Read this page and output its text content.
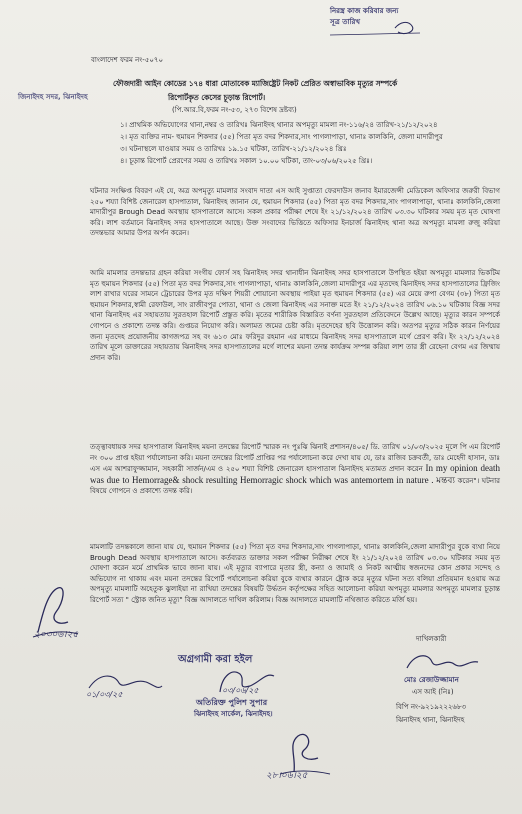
নিরস্ত্র কাজ করিবার জন্য
সূত্র তারিখ
বাংলাদেশ ফরম নং-৫০৭০
জিনাইদহ সদর, ঝিনাইদহ
ফৌজদারী আইন কোডের ১৭৪ ধারা মোতাবেক ম্যাজিষ্ট্রেট নিকট প্রেরিত অস্বাভাবিক মৃত্যুর সম্পর্কে
রিপোর্টকৃত কেসের চূড়ান্ত রিপোর্ট।
(পি.আর.বি,ফরম নং-৫৩, ২৭৩ বিশেষ দ্রষ্টব্য)
১। প্রাথমিক অভিযোগের থানা,নম্বর ও তারিখঃ ঝিনাইদহ থানার অপমৃত্যু মামলা নং-১১৬/২৪ তারিখ-২১/১২/২০২৪
২। মৃত ব্যক্তির নাম- হুমায়ন শিকদার (৫৫) পিতা মৃত বদর শিকদার,সাং পাগলাপাড়া, থানাঃ কালকিনি, জেলা মাদারীপুর
৩। ঘটনাস্থলে যাওয়ার সময় ও তারিখঃ ১৯.১৫ ঘটিকা, তারিখ-২১/১২/২০২৪ খ্রিঃ
৪। চূড়ান্ত রিপোর্ট প্রেরণের সময় ও তারিখঃ সকাল ১০.০০ ঘটিকা, তাং-০৩/০৬/২০২৫ খ্রিঃ।
ঘটনার সংক্ষিপ্ত বিবরণ এই যে, অত্র অপমৃত্যু মামলার সংবাদ দাতা এস আই সুপ্তাতা ফেরদাউস জনাব ইমারজেন্সী মেডিকেল অফিসার জরুরী বিভাগ ২৫০ শয্যা বিশিষ্ট জেনারেল হাসপাতাল, ঝিনাইদহ জানান যে, হুমায়ন শিকদার (৫৫) পিতা মৃত বদর শিকদার,সাং পাগলাপাড়া, থানাঃ কালকিনি,জেলা মাদারীপুর Brough Dead অবস্থায় হাসপাতালে আসে। সকল প্রকার পরীক্ষা শেষে ইং ২১/১২/২০২৪ তারিখ ০৩.৩০ ঘটিকার সময় মৃত মৃত ঘোষণা করি। লাশ বর্তমানে ঝিনাইদহ সদর হাসপাতালে আছে। উক্ত সংবাদের ভিত্তিতে অফিসার ইনচার্জ ঝিনাইদহ থানা অত্র অপমৃত্যু মামলা রুজু করিয়া তদন্তভার আমার উপর অর্পন করেন।
আমি মামলার তদন্তভার গ্রহন করিয়া সংগীয় ফোর্স সহ ঝিনাইদহ সদর থানাধীন ঝিনাইদহ সদর হাসপাতালে উপস্থিত হইয়া অপমৃত্যু মামলার ভিকটিম মৃত হুমায়ন শিকদার (৫৫) পিতা মৃত বদর শিকদার,সাং পাগলাপাড়া, থানাঃ কালকিনি,জেলা মাদারীপুর এর মৃতদেহ ঝিনাইদহ সদর হাসপাতালের ফ্রিজিং লাশ রাখার ঘরের সামনে ট্রেচারের উপর মৃত দক্ষিণ শিয়রী শোয়ানো অবস্থায় পাইয়া মৃত হুমায়ন শিকদার (৫৫) এর মেয়ে রুপা বেগম (৩৮) পিতা মৃত হুমায়ন শিকদার,স্বামী রেফাউল, সাং রাজীবপুর পোতা, থানা ও জেলা ঝিনাইদহ এর সনাক্ত মতে ইং ২১/১২/২০২৪ তারিখ ০৬.১০ ঘটিকায় বিজ্ঞ সদর থানা ঝিনাইদহ এর সহায়তায় সুরতহাল রিপোর্ট প্রস্তুত করি। মৃতের শারীরিক বিস্তারিত বর্ণনা সুরতহাল প্রতিবেদনে উল্লেখ আছে। মৃত্যুর কারন সম্পর্কে গোপনে ও প্রকাশ্যে তদন্ত করি। গুপ্তচর নিয়োগ করি। অলামত জমের চেষ্টা করি। মৃতদেহের ছবি উত্তোলন করি। অতপর মৃত্যুর সঠিক কারন নির্ণয়ের জন্য মৃতদেহ প্রয়োজনীয় কাগজপত্র সহ বং ৬১৩ মোঃ ফরিদুর রহমান এর মাধ্যমে ঝিনাইদহ সদর হাসপাতালে মর্গে প্রেরণ করি। ইং ২২/১২/২০২৪ তারিখ মূলে ডাক্তারের সহায়তায় ঝিনাইদহ সদর হাসপাতালের মর্গে লাশের ময়না তদন্ত কার্যক্রম সম্পন্ন করিয়া লাশ তার স্ত্রী রেহেনা বেগম এর জিম্মায় প্রদান করি।
তত্ত্বাবধায়ক সদর হাসপাতাল ঝিনাইদহ ময়না তদন্তের রিপোর্ট স্মারক নং পুঃঝি ঝিনাই প্রশাসন/৪০৫/ ডি. তারিখ ০১/০৩/২০২৫ মূলে পি এম রিপোর্ট নং ৩০০ প্রাপ্ত হইয়া পর্যালোচনা করি। ময়না তদন্তের রিপোর্ট প্রাপ্তির পর পর্যালোচনা করে দেখা যায় যে, ডাঃ রাজিব চক্রবর্তী, ডাঃ মেহেদী হাসান, ডাঃ এস এম আশরাফুজ্জামান, সহকারী সার্জন/এম ও ২৫০ শয্যা বিশিষ্ট জেনারেল হাসপাতাল ঝিনাইদহ মতামত প্রদান করেন In my opinion death was due to Hemorrage& shock resulting Hemorragic shock which was antemortem in nature . মন্তব্য করেন"। ঘটনার বিষয়ে গোপনে ও প্রকাশ্যে তদন্ত করি।
মামলাটি তদন্তকালে জানা যায় যে, হুমায়ন শিকদার (৫৫) পিতা মৃত বদর শিকদার,সাং পাগলাপাড়া, থানাঃ কালকিনি,জেলা মাদারীপুর বুকে ব্যথা নিয়ে Brough Dead অবস্থায় হাসপাতালে আসে। কর্তব্যরত ডাক্তার সকল পরীক্ষা নিরীক্ষা শেষে ইং ২১/১২/২০২৪ তারিখ ০৩.৩০ ঘটিকার সময় মৃত ঘোষণা করেন মর্মে প্রাথমিক ভাবে জানা যায়। এই মৃত্যুর ব্যাপারে মৃতার স্ত্রী, কন্যা ও জামাই ও নিকট আত্মীয় স্বজনদের কোন প্রকার সন্দেহ ও অভিযোগ না থাকায় এবং ময়না তদন্তের রিপোর্ট পর্যালোচনা করিয়া বুকে ব্যথার কারনে ষ্ট্রোক করে মৃত্যুর ঘটনা সত্য বলিয়া প্রতিয়মান হওয়ায় অত্র অপমৃত্যু মামলাটি অহেতুক ঝুলাইয়া না রাখিয়া তদন্তের বিষয়টি উর্দ্ধতন কর্তৃপক্ষের সহিত আলোচনা করিয়া অপমৃত্যু মামলার অপমৃত্যু মামলার চূড়ান্ত রিপোর্ট সত্য " স্ট্রোক জনিত মৃত্যু" বিজ্ঞ আদালতে দাখিল করিলাম। বিজ্ঞ আদালতে মামলাটি নথিজাত করিতে মর্জি হয়।
২০৩০৬।২৫
অগ্রগামী করা হইল
০১/০৩/২৫	০৩/০৬/২৫
অতিরিক্ত পুলিশ সুপার
ঝিনাইদহ সার্কেল, ঝিনাইদহ।
দাখিলকারী
মোঃ রেজাউজ্জামান
এস আই (নিঃ)
বিপি নং-৯২১৯২২২৬৮৩
ঝিনাইদহ থানা, ঝিনাইদহ
২৮।০৬।২৫
